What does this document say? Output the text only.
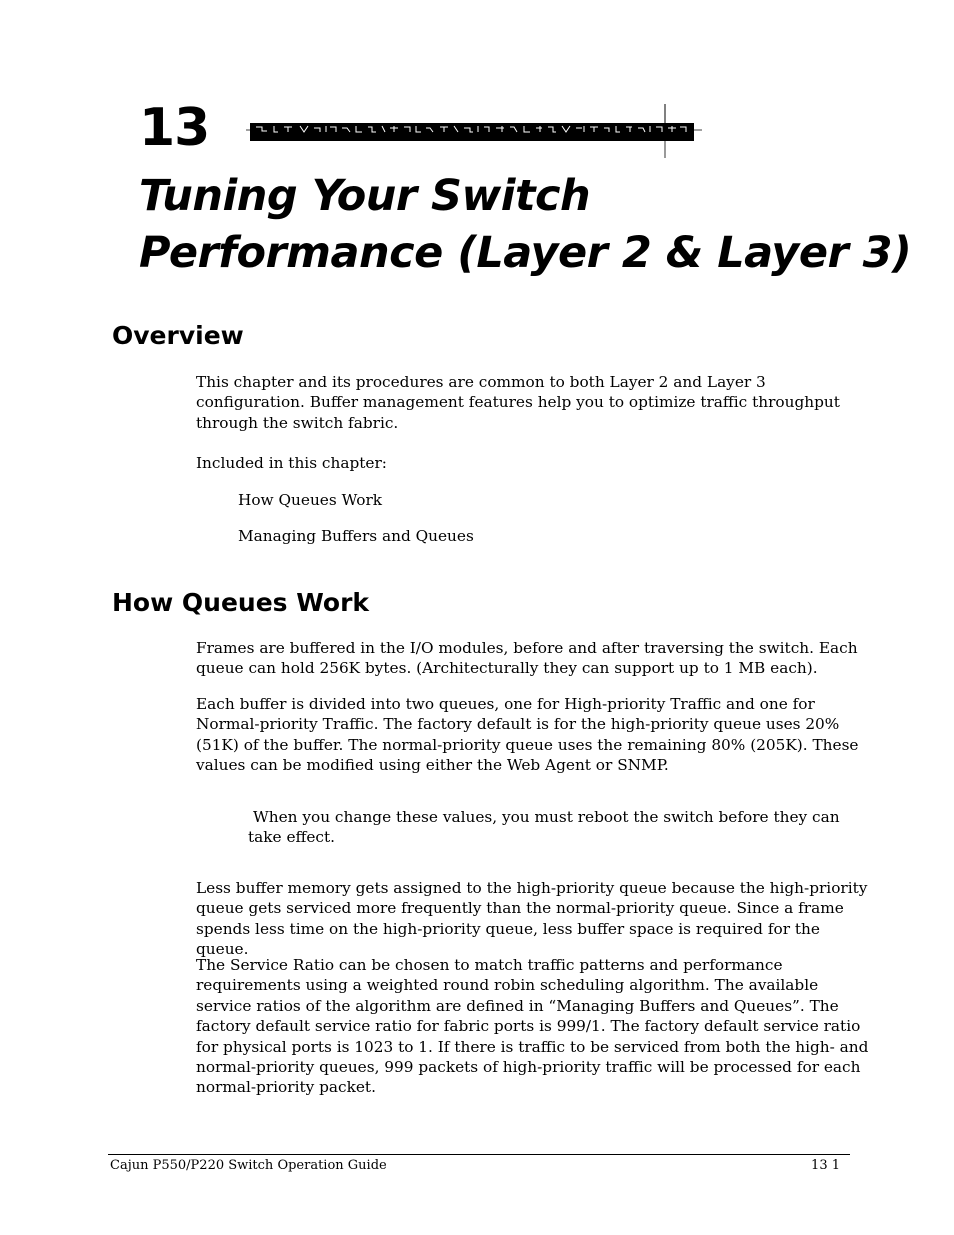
13
Tuning Your Switch
Performance (Layer 2 & Layer 3)
Overview
This chapter and its procedures are common to both Layer 2 and Layer 3 configuration. Buffer management features help you to optimize traffic throughput through the switch fabric.
Included in this chapter:
How Queues Work
Managing Buffers and Queues
How Queues Work
Frames are buffered in the I/O modules, before and after traversing the switch. Each queue can hold 256K bytes. (Architecturally they can support up to 1 MB each).
Each buffer is divided into two queues, one for High-priority Traffic and one for Normal-priority Traffic. The factory default is for the high-priority queue uses 20% (51K) of the buffer. The normal-priority queue uses the remaining 80% (205K). These values can be modified using either the Web Agent or SNMP.
When you change these values, you must reboot the switch before they can take effect.
Less buffer memory gets assigned to the high-priority queue because the high-priority queue gets serviced more frequently than the normal-priority queue. Since a frame spends less time on the high-priority queue, less buffer space is required for the queue.
The Service Ratio can be chosen to match traffic patterns and performance requirements using a weighted round robin scheduling algorithm. The available service ratios of the algorithm are defined in “Managing Buffers and Queues”. The factory default service ratio for fabric ports is 999/1. The factory default service ratio for physical ports is 1023 to 1. If there is traffic to be serviced from both the high- and normal-priority queues, 999 packets of high-priority traffic will be processed for each normal-priority packet.
Cajun P550/P220 Switch Operation Guide	13 1
